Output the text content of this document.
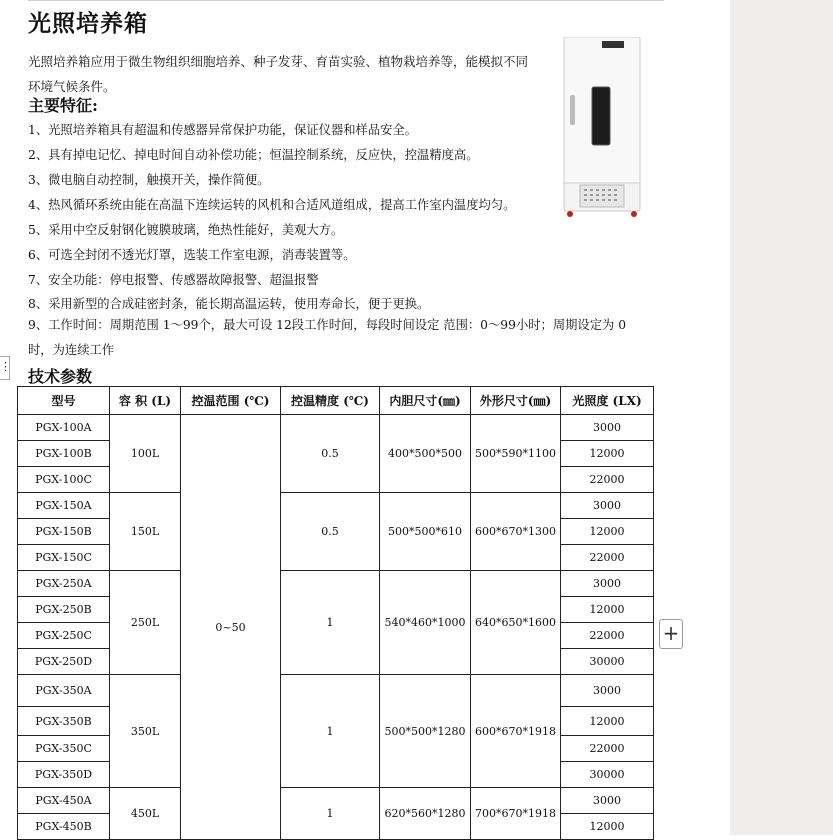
光照培养箱
光照培养箱应用于微生物组织细胞培养、种子发芽、育苗实验、植物栽培养等，能模拟不同环境气候条件。
主要特征:
1、光照培养箱具有超温和传感器异常保护功能，保证仪器和样品安全。
2、具有掉电记忆、掉电时间自动补偿功能；恒温控制系统，反应快，控温精度高。
3、微电脑自动控制，触摸开关，操作简便。
4、热风循环系统由能在高温下连续运转的风机和合适风道组成，提高工作室内温度均匀。
5、采用中空反射钢化镀膜玻璃，绝热性能好，美观大方。
6、可选全封闭不透光灯罩，选装工作室电源，消毒装置等。
7、安全功能：停电报警、传感器故障报警、超温报警
8、采用新型的合成硅密封条，能长期高温运转，使用寿命长，便于更换。
9、工作时间：周期范围 1～99个，最大可设 12段工作时间，每段时间设定 范围：0～99小时；周期设定为 0时，为连续工作
技术参数
⋮
+
型号	容 积 (L)	控温范围 (℃)	控温精度 (℃)	内胆尺寸(㎜)	外形尺寸(㎜)	光照度 (LX)
PGX-100A	100L	0~50	0.5	400*500*500	500*590*1100	3000
PGX-100B						12000
PGX-100C						22000
PGX-150A	150L		0.5	500*500*610	600*670*1300	3000
PGX-150B						12000
PGX-150C						22000
PGX-250A	250L		1	540*460*1000	640*650*1600	3000
PGX-250B						12000
PGX-250C						22000
PGX-250D						30000
PGX-350A	350L		1	500*500*1280	600*670*1918	3000
PGX-350B						12000
PGX-350C						22000
PGX-350D						30000
PGX-450A	450L		1	620*560*1280	700*670*1918	3000
PGX-450B						12000
